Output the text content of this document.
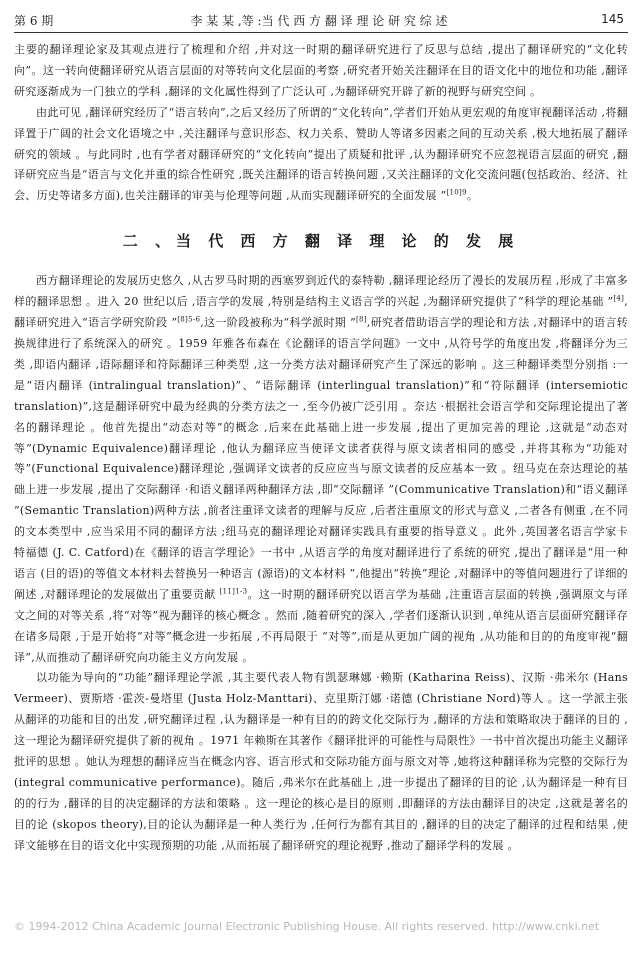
第 6 期	李 某 某 ,等 :当 代 西 方 翻 译 理 论 研 究 综 述	145

主要的翻译理论家及其观点进行了梳理和介绍 ,并对这一时期的翻译研究进行了反思与总结 ,提出了翻译研究的“文化转向”。这一转向使翻译研究从语言层面的对等转向文化层面的考察 ,研究者开始关注翻译在目的语文化中的地位和功能 ,翻译研究逐渐成为一门独立的学科 ,翻译的文化属性得到了广泛认可 ,为翻译研究开辟了新的视野与研究空间 。

由此可见 ,翻译研究经历了“语言转向”,之后又经历了所谓的“文化转向”,学者们开始从更宏观的角度审视翻译活动 ,将翻译置于广阔的社会文化语境之中 ,关注翻译与意识形态、权力关系、赞助人等诸多因素之间的互动关系 ,极大地拓展了翻译研究的领域 。与此同时 ,也有学者对翻译研究的“文化转向”提出了质疑和批评 ,认为翻译研究不应忽视语言层面的研究 ,翻译研究应当是“语言与文化并重的综合性研究 ,既关注翻译的语言转换问题 ,又关注翻译的文化交流问题(包括政治、经济、社会、历史等诸多方面),也关注翻译的审美与伦理等问题 ,从而实现翻译研究的全面发展 ”$^{[10]9}$。

二 、当 代 西 方 翻 译 理 论 的 发 展

西方翻译理论的发展历史悠久 ,从古罗马时期的西塞罗到近代的泰特勒 ,翻译理论经历了漫长的发展历程 ,形成了丰富多样的翻译思想 。进入 20 世纪以后 ,语言学的发展 ,特别是结构主义语言学的兴起 ,为翻译研究提供了“科学的理论基础 ”[4],翻译研究进入“语言学研究阶段 ”$^{[8]5-6}$,这一阶段被称为“科学派时期 ”[8],研究者借助语言学的理论和方法 ,对翻译中的语言转换规律进行了系统深入的研究 。1959 年雅各布森在《论翻译的语言学问题》一文中 ,从符号学的角度出发 ,将翻译分为三类 ,即语内翻译 ,语际翻译和符际翻译三种类型 ,这一分类方法对翻译研究产生了深远的影响 。这三种翻译类型分别指 :一是“语内翻译 (intralingual translation)”、“语际翻译 (interlingual translation)”和“符际翻译 (intersemiotic translation)”,这是翻译研究中最为经典的分类方法之一 ,至今仍被广泛引用 。奈达 ·根据社会语言学和交际理论提出了著名的翻译理论 。他首先提出“动态对等”的概念 ,后来在此基础上进一步发展 ,提出了更加完善的理论 ,这就是“动态对等”(Dynamic Equivalence)翻译理论 ,他认为翻译应当使译文读者获得与原文读者相同的感受 ,并将其称为“功能对等”(Functional Equivalence)翻译理论 ,强调译文读者的反应应当与原文读者的反应基本一致 。纽马克在奈达理论的基础上进一步发展 ,提出了交际翻译 ·和语义翻译两种翻译方法 ,即“交际翻译 ”(Communicative Translation)和“语义翻译 ”(Semantic Translation)两种方法 ,前者注重译文读者的理解与反应 ,后者注重原文的形式与意义 ,二者各有侧重 ,在不同的文本类型中 ,应当采用不同的翻译方法 ;纽马克的翻译理论对翻译实践具有重要的指导意义 。此外 ,英国著名语言学家卡特福德 (J. C. Catford)在《翻译的语言学理论》一书中 ,从语言学的角度对翻译进行了系统的研究 ,提出了翻译是“用一种语言 (目的语)的等值文本材料去替换另一种语言 (源语)的文本材料 ”,他提出“转换”理论 ,对翻译中的等值问题进行了详细的阐述 ,对翻译理论的发展做出了重要贡献 $^{[11]1-3}$。这一时期的翻译研究以语言学为基础 ,注重语言层面的转换 ,强调原文与译文之间的对等关系 ,将“对等”视为翻译的核心概念 。然而 ,随着研究的深入 ,学者们逐渐认识到 ,单纯从语言层面研究翻译存在诸多局限 ,于是开始将“对等”概念进一步拓展 ,不再局限于 “对等”,而是从更加广阔的视角 ,从功能和目的的角度审视“翻译”,从而推动了翻译研究向功能主义方向发展 。

以功能为导向的“功能”翻译理论学派 ,其主要代表人物有凯瑟琳娜 ·赖斯 (Katharina Reiss)、汉斯 ·弗米尔 (Hans Vermeer)、贾斯塔 ·霍茨-曼塔里 (Justa Holz-Manttari)、克里斯汀娜 ·诺德 (Christiane Nord)等人 。这一学派主张从翻译的功能和目的出发 ,研究翻译过程 ,认为翻译是一种有目的的跨文化交际行为 ,翻译的方法和策略取决于翻译的目的 ,这一理论为翻译研究提供了新的视角 。1971 年赖斯在其著作《翻译批评的可能性与局限性》一书中首次提出功能主义翻译批评的思想 。她认为理想的翻译应当在概念内容、语言形式和交际功能方面与原文对等 ,她将这种翻译称为完整的交际行为 (integral communicative performance)。随后 ,弗米尔在此基础上 ,进一步提出了翻译的目的论 ,认为翻译是一种有目的的行为 ,翻译的目的决定翻译的方法和策略 。这一理论的核心是目的原则 ,即翻译的方法由翻译目的决定 ,这就是著名的目的论 (skopos theory),目的论认为翻译是一种人类行为 ,任何行为都有其目的 ,翻译的目的决定了翻译的过程和结果 ,使译文能够在目的语文化中实现预期的功能 ,从而拓展了翻译研究的理论视野 ,推动了翻译学科的发展 。

© 1994-2012 China Academic Journal Electronic Publishing House. All rights reserved. http://www.cnki.net
